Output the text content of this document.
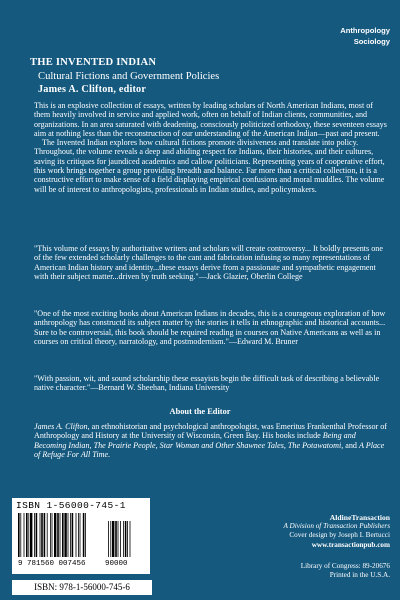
Anthropology
Sociology
THE INVENTED INDIAN
Cultural Fictions and Government Policies
James A. Clifton, editor

This is an explosive collection of essays, written by leading scholars of North American Indians, most of them heavily involved in service and applied work, often on behalf of Indian clients, communities, and organizations. In an area saturated with deadening, consciously politicized orthodoxy, these seventeen essays aim at nothing less than the reconstruction of our understanding of the American Indian—past and present.

The Invented Indian explores how cultural fictions promote divisiveness and translate into policy. Throughout, the volume reveals a deep and abiding respect for Indians, their histories, and their cultures, saving its critiques for jaundiced academics and callow politicians. Representing years of cooperative effort, this work brings together a group providing breadth and balance. Far more than a critical collection, it is a constructive effort to make sense of a field displaying empirical confusions and moral muddles. The volume will be of interest to anthropologists, professionals in Indian studies, and policymakers.

"This volume of essays by authoritative writers and scholars will create controversy... It boldly presents one of the few extended scholarly challenges to the cant and fabrication infusing so many representations of American Indian history and identity...these essays derive from a passionate and sympathetic engagement with their subject matter...driven by truth seeking."—Jack Glazier, Oberlin College

"One of the most exciting books about American Indians in decades, this is a courageous exploration of how anthropology has constructd its subject matter by the stories it tells in ethnographic and historical accounts... Sure to be controversial, this book should be required reading in courses on Native Americans as well as in courses on critical theory, narratology, and postmodernism."—Edward M. Bruner

"With passion, wit, and sound scholarship these essayists begin the difficult task of describing a believable native character."—Bernard W. Sheehan, Indiana University

About the Editor

James A. Clifton, an ethnohistorian and psychological anthropologist, was Emeritus Frankenthal Professor of Anthropology and History at the University of Wisconsin, Green Bay. His books include Being and Becoming Indian, The Prairie People, Star Woman and Other Shawnee Tales, The Potawatomi, and A Place of Refuge For All Time.

ISBN 1-56000-745-1
9 781560 007456	90000
ISBN: 978-1-56000-745-6
AldineTransaction
A Division of Transaction Publishers
Cover design by Joseph I. Bertucci
www.transactionpub.com
Library of Congress: 89-20676
Printed in the U.S.A.
